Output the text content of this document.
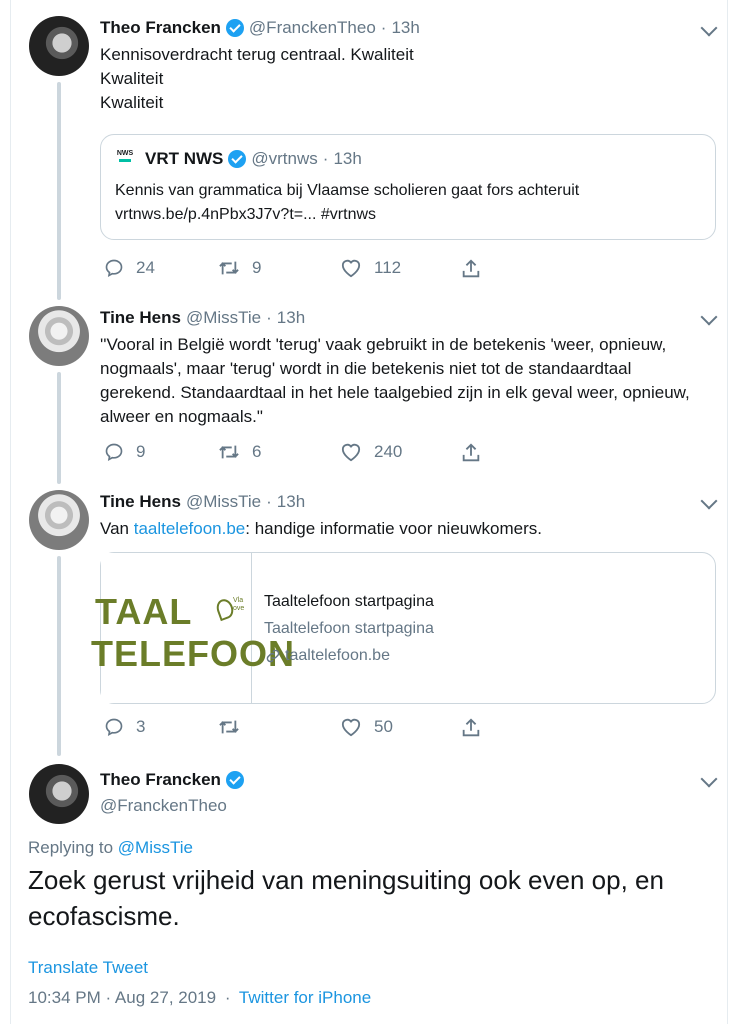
Theo Francken @FranckenTheo · 13h
Kennisoverdracht terug centraal. Kwaliteit
Kwaliteit
Kwaliteit
NWS VRT NWS @vrtnws · 13h
Kennis van grammatica bij Vlaamse scholieren gaat fors achteruit
vrtnws.be/p.4nPbx3J7v?t=... #vrtnws
24	9	112
Tine Hens @MissTie · 13h
''Vooral in België wordt 'terug' vaak gebruikt in de betekenis 'weer, opnieuw,
nogmaals', maar 'terug' wordt in die betekenis niet tot de standaardtaal
gerekend. Standaardtaal in het hele taalgebied zijn in elk geval weer, opnieuw,
alweer en nogmaals."
9	6	240
Tine Hens @MissTie · 13h
Van taaltelefoon.be: handige informatie voor nieuwkomers.
TAAL
TELEFOON
Vla ove Taaltelefoon startpagina
Taaltelefoon startpagina
taaltelefoon.be
3	50
Theo Francken
@FranckenTheo
Replying to @MissTie
Zoek gerust vrijheid van meningsuiting ook even op, en ecofascisme.
Translate Tweet
10:34 PM · Aug 27, 2019 · Twitter for iPhone
